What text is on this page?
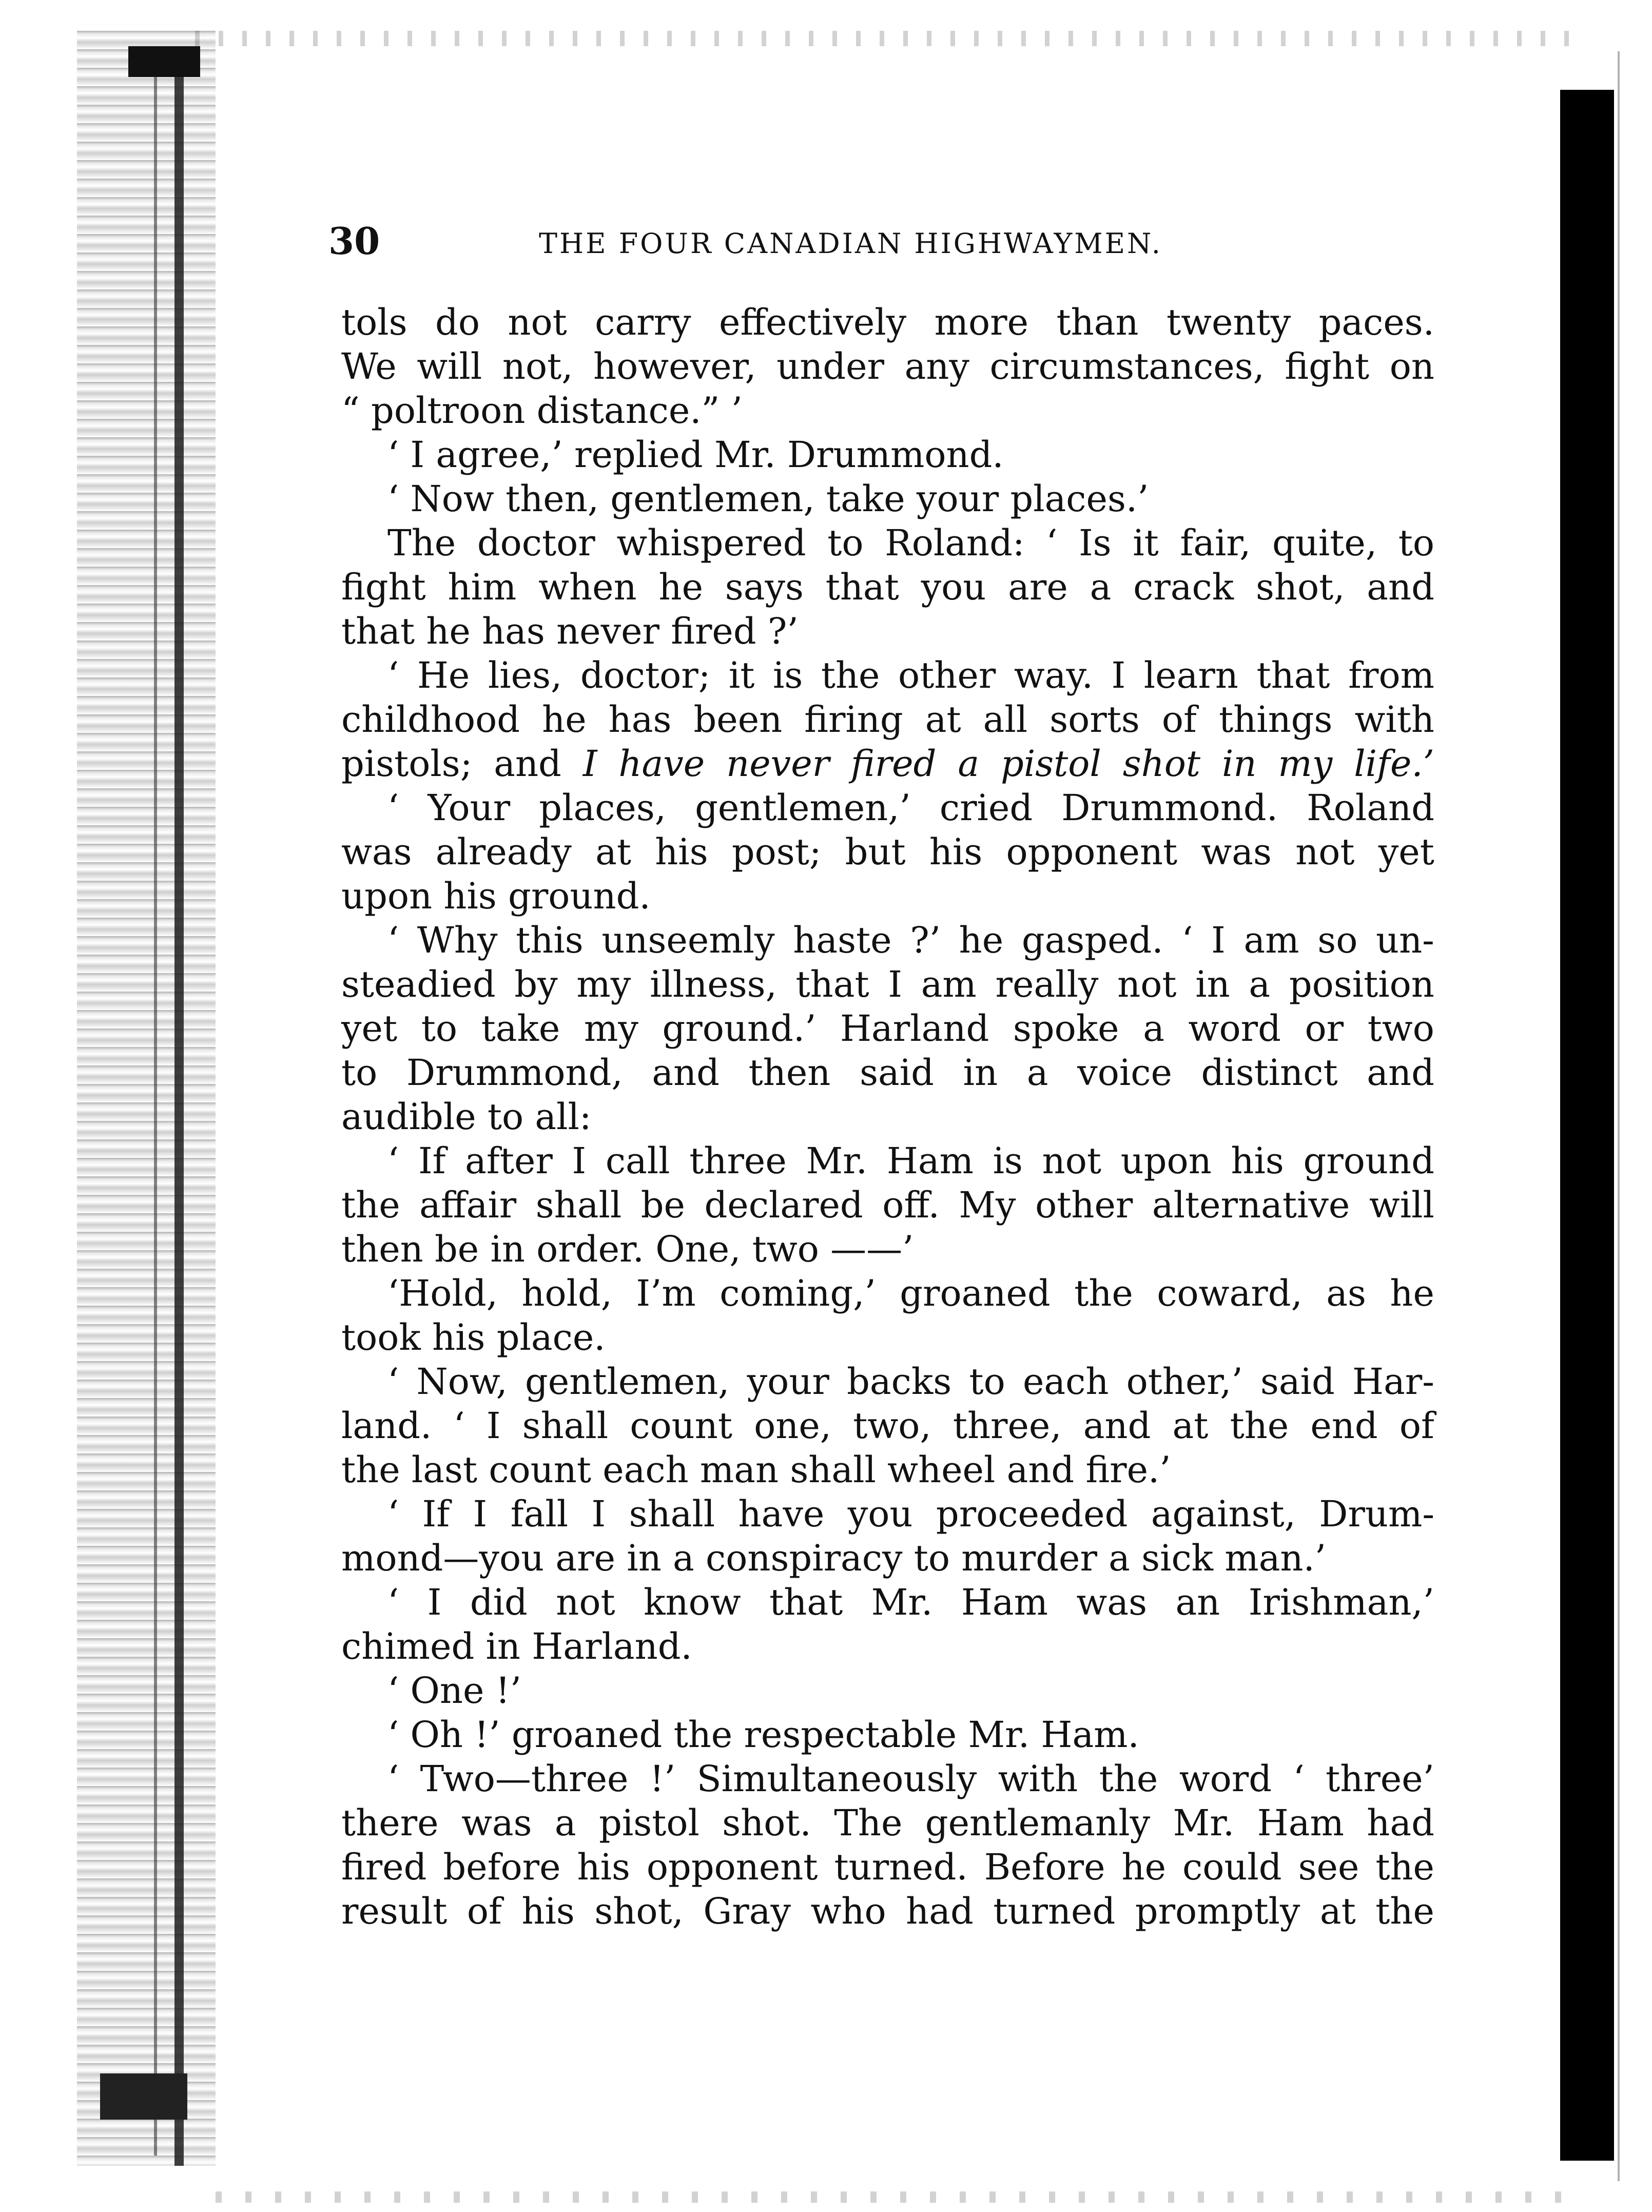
30	THE FOUR CANADIAN HIGHWAYMEN.
tols do not carry effectively more than twenty paces.
We will not, however, under any circumstances, fight on
“ poltroon distance.” ’
‘ I agree,’ replied Mr. Drummond.
‘ Now then, gentlemen, take your places.’
The doctor whispered to Roland: ‘ Is it fair, quite, to
fight him when he says that you are a crack shot, and
that he has never fired ?’
‘ He lies, doctor; it is the other way. I learn that from
childhood he has been firing at all sorts of things with
pistols; and I have never fired a pistol shot in my life.’
‘ Your places, gentlemen,’ cried Drummond. Roland
was already at his post; but his opponent was not yet
upon his ground.
‘ Why this unseemly haste ?’ he gasped. ‘ I am so un-
steadied by my illness, that I am really not in a position
yet to take my ground.’ Harland spoke a word or two
to Drummond, and then said in a voice distinct and
audible to all:
‘ If after I call three Mr. Ham is not upon his ground
the affair shall be declared off. My other alternative will
then be in order. One, two ——’
‘Hold, hold, I’m coming,’ groaned the coward, as he
took his place.
‘ Now, gentlemen, your backs to each other,’ said Har-
land. ‘ I shall count one, two, three, and at the end of
the last count each man shall wheel and fire.’
‘ If I fall I shall have you proceeded against, Drum-
mond—you are in a conspiracy to murder a sick man.’
‘ I did not know that Mr. Ham was an Irishman,’
chimed in Harland.
‘ One !’
‘ Oh !’ groaned the respectable Mr. Ham.
‘ Two—three !’ Simultaneously with the word ‘ three’
there was a pistol shot. The gentlemanly Mr. Ham had
fired before his opponent turned. Before he could see the
result of his shot, Gray who had turned promptly at the
